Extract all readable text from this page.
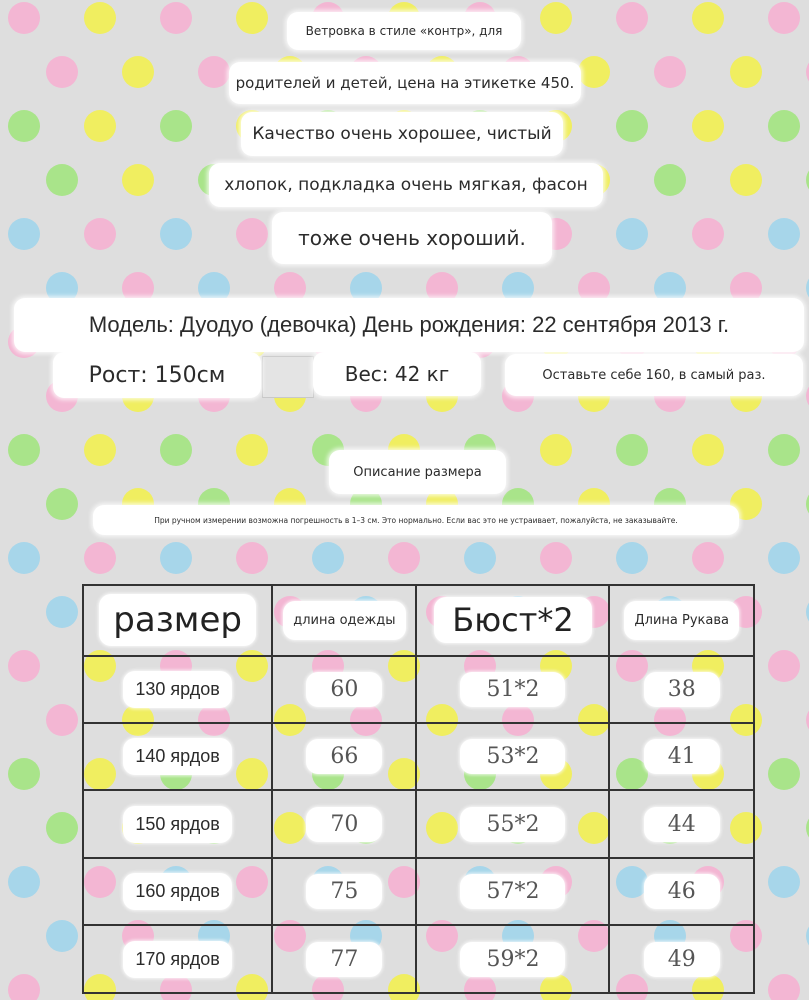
Ветровка в стиле «контр», для
родителей и детей, цена на этикетке 450.
Качество очень хорошее, чистый
хлопок, подкладка очень мягкая, фасон
тоже очень хороший.
Модель: Дуодуо (девочка) День рождения: 22 сентября 2013 г.
Рост: 150см	Вес: 42 кг	Оставьте себе 160, в самый раз.
Описание размера
При ручном измерении возможна погрешность в 1–3 см. Это нормально. Если вас это не устраивает, пожалуйста, не заказывайте.
размер	длина одежды	Бюст*2	Длина Рукава
130 ярдов	60	51*2	38
140 ярдов	66	53*2	41
150 ярдов	70	55*2	44
160 ярдов	75	57*2	46
170 ярдов	77	59*2	49
